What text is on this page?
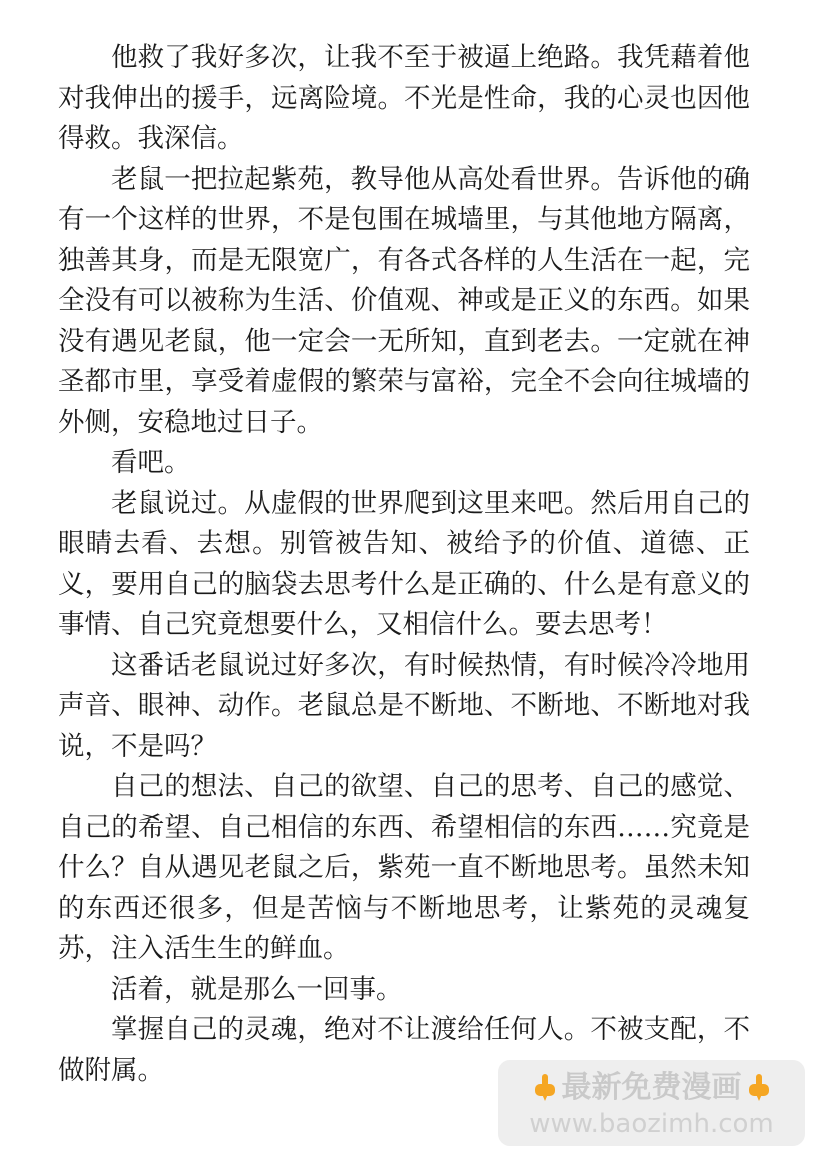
他救了我好多次，让我不至于被逼上绝路。我凭藉着他对我伸出的援手，远离险境。不光是性命，我的心灵也因他得救。我深信。

老鼠一把拉起紫苑，教导他从高处看世界。告诉他的确有一个这样的世界，不是包围在城墙里，与其他地方隔离，独善其身，而是无限宽广，有各式各样的人生活在一起，完全没有可以被称为生活、价值观、神或是正义的东西。如果没有遇见老鼠，他一定会一无所知，直到老去。一定就在神圣都市里，享受着虚假的繁荣与富裕，完全不会向往城墙的外侧，安稳地过日子。

看吧。

老鼠说过。从虚假的世界爬到这里来吧。然后用自己的眼睛去看、去想。别管被告知、被给予的价值、道德、正义，要用自己的脑袋去思考什么是正确的、什么是有意义的事情、自己究竟想要什么，又相信什么。要去思考！

这番话老鼠说过好多次，有时候热情，有时候冷冷地用声音、眼神、动作。老鼠总是不断地、不断地、不断地对我说，不是吗？

自己的想法、自己的欲望、自己的思考、自己的感觉、自己的希望、自己相信的东西、希望相信的东西……究竟是什么？自从遇见老鼠之后，紫苑一直不断地思考。虽然未知的东西还很多，但是苦恼与不断地思考，让紫苑的灵魂复苏，注入活生生的鲜血。

活着，就是那么一回事。

掌握自己的灵魂，绝对不让渡给任何人。不被支配，不做附属。	最新免费漫画
www.baozimh.com
